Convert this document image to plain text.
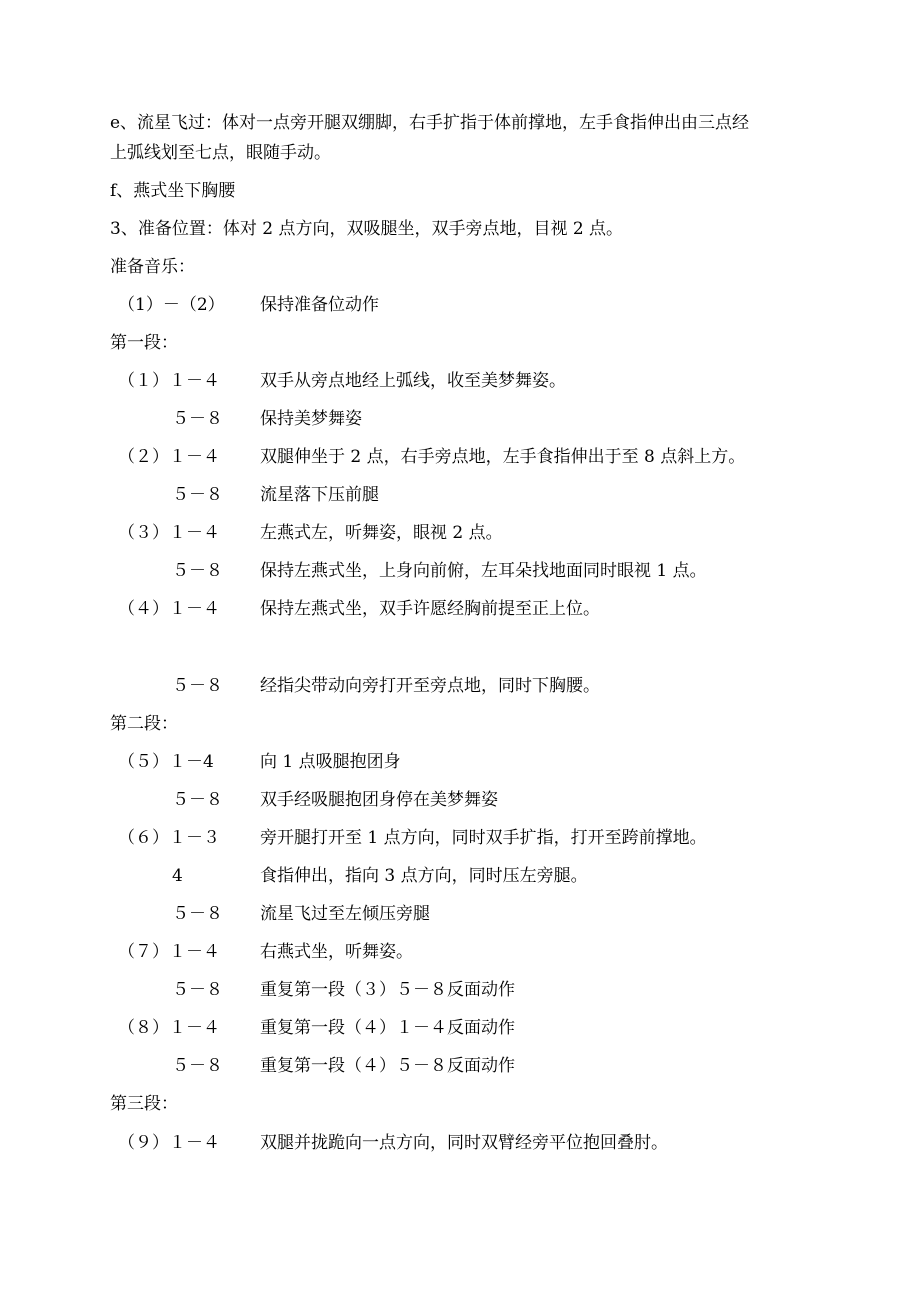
e、流星飞过：体对一点旁开腿双绷脚，右手扩指于体前撑地，左手食指伸出由三点经
上弧线划至七点，眼随手动。
f、燕式坐下胸腰
3、准备位置：体对 2 点方向，双吸腿坐，双手旁点地，目视 2 点。
准备音乐：
（1）－（2） 保持准备位动作
第一段：
（１）１－４ 双手从旁点地经上弧线，收至美梦舞姿。
５－８ 保持美梦舞姿
（２）１－４ 双腿伸坐于 2 点，右手旁点地，左手食指伸出于至 8 点斜上方。
５－８ 流星落下压前腿
（３）１－４ 左燕式左，听舞姿，眼视 2 点。
５－８ 保持左燕式坐，上身向前俯，左耳朵找地面同时眼视 1 点。
（４）１－４ 保持左燕式坐，双手许愿经胸前提至正上位。
５－８ 经指尖带动向旁打开至旁点地，同时下胸腰。
第二段：
（５）１－4	向 1 点吸腿抱团身
５－８ 双手经吸腿抱团身停在美梦舞姿
（６）１－３ 旁开腿打开至 1 点方向，同时双手扩指，打开至跨前撑地。
4	食指伸出，指向 3 点方向，同时压左旁腿。
５－８ 流星飞过至左倾压旁腿
（７）１－４ 右燕式坐，听舞姿。
５－８ 重复第一段（３）５－８反面动作
（８）１－４ 重复第一段（４）１－４反面动作
５－８ 重复第一段（４）５－８反面动作
第三段：
（９）１－４ 双腿并拢跪向一点方向，同时双臂经旁平位抱回叠肘。
